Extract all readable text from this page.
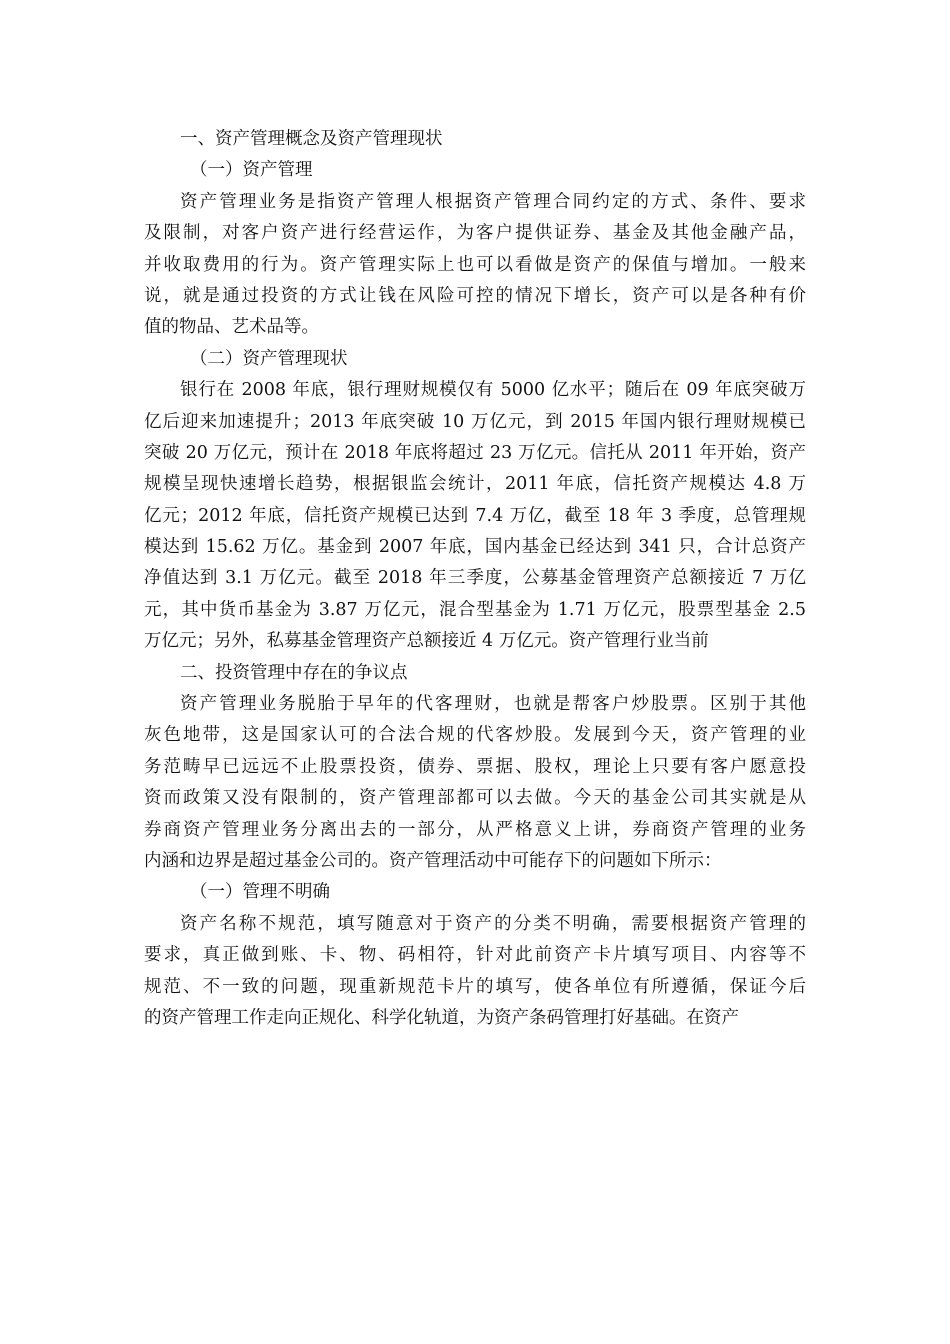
一、资产管理概念及资产管理现状
（一）资产管理
资产管理业务是指资产管理人根据资产管理合同约定的方式、条件、要求
及限制，对客户资产进行经营运作，为客户提供证券、基金及其他金融产品，
并收取费用的行为。资产管理实际上也可以看做是资产的保值与增加。一般来
说，就是通过投资的方式让钱在风险可控的情况下增长，资产可以是各种有价
值的物品、艺术品等。
（二）资产管理现状
银行在 2008 年底，银行理财规模仅有 5000 亿水平；随后在 09 年底突破万
亿后迎来加速提升；2013 年底突破 10 万亿元，到 2015 年国内银行理财规模已
突破 20 万亿元，预计在 2018 年底将超过 23 万亿元。信托从 2011 年开始，资产
规模呈现快速增长趋势，根据银监会统计，2011 年底，信托资产规模达 4.8 万
亿元；2012 年底，信托资产规模已达到 7.4 万亿，截至 18 年 3 季度，总管理规
模达到 15.62 万亿。基金到 2007 年底，国内基金已经达到 341 只，合计总资产
净值达到 3.1 万亿元。截至 2018 年三季度，公募基金管理资产总额接近 7 万亿
元，其中货币基金为 3.87 万亿元，混合型基金为 1.71 万亿元，股票型基金 2.5
万亿元；另外，私募基金管理资产总额接近 4 万亿元。资产管理行业当前
二、投资管理中存在的争议点
资产管理业务脱胎于早年的代客理财，也就是帮客户炒股票。区别于其他
灰色地带，这是国家认可的合法合规的代客炒股。发展到今天，资产管理的业
务范畴早已远远不止股票投资，债券、票据、股权，理论上只要有客户愿意投
资而政策又没有限制的，资产管理部都可以去做。今天的基金公司其实就是从
券商资产管理业务分离出去的一部分，从严格意义上讲，券商资产管理的业务
内涵和边界是超过基金公司的。资产管理活动中可能存下的问题如下所示：
（一）管理不明确
资产名称不规范，填写随意对于资产的分类不明确，需要根据资产管理的
要求，真正做到账、卡、物、码相符，针对此前资产卡片填写项目、内容等不
规范、不一致的问题，现重新规范卡片的填写，使各单位有所遵循，保证今后
的资产管理工作走向正规化、科学化轨道，为资产条码管理打好基础。在资产
